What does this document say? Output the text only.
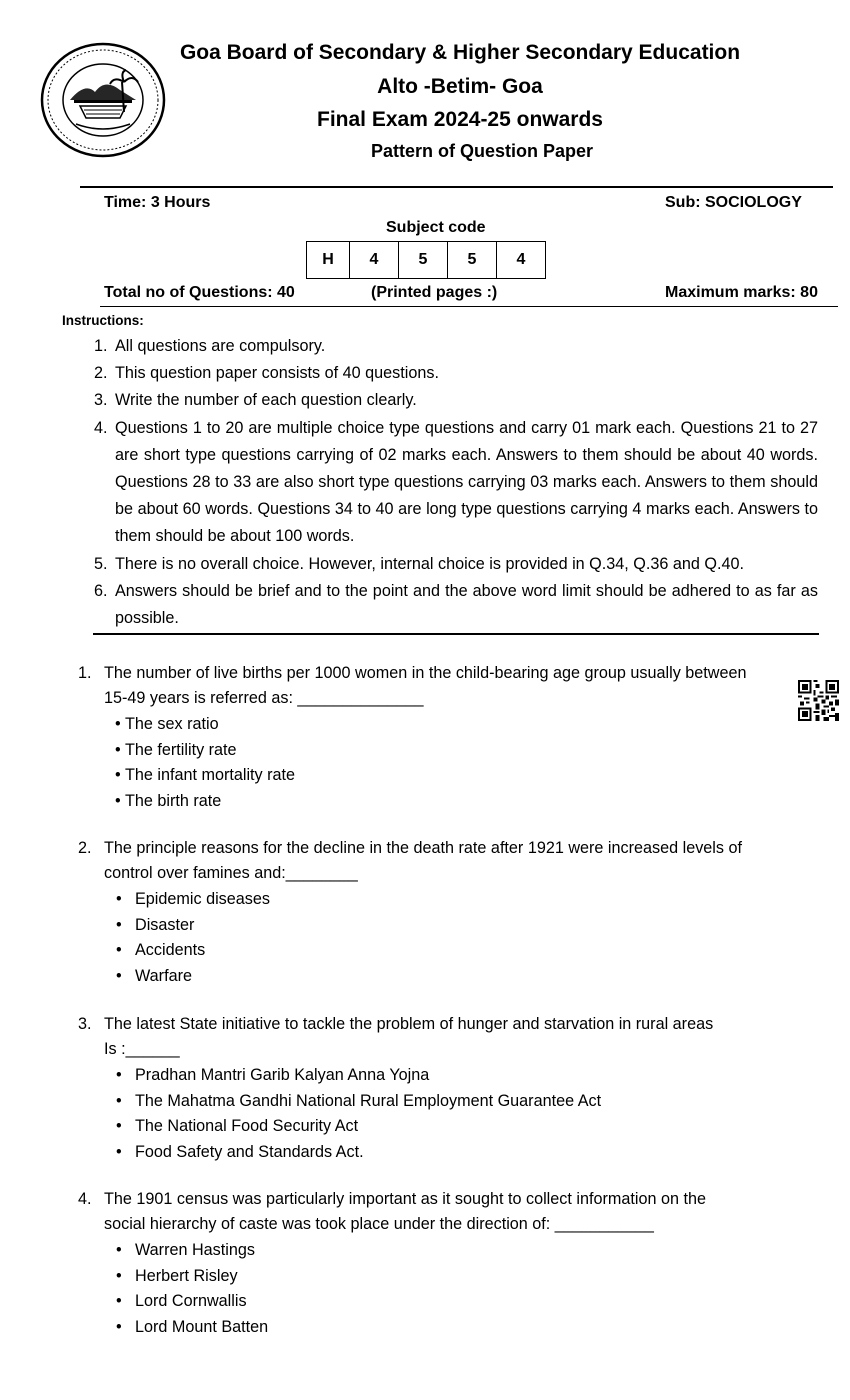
Goa Board of Secondary & Higher Secondary Education
Alto -Betim- Goa
Final Exam 2024-25 onwards
Pattern of Question Paper
Time: 3 Hours	Sub: SOCIOLOGY
Subject code
H	4	5	5	4
Total no of Questions: 40	(Printed pages :)	Maximum marks: 80
Instructions:
1. All questions are compulsory.
2. This question paper consists of 40 questions.
3. Write the number of each question clearly.
4. Questions 1 to 20 are multiple choice type questions and carry 01 mark each. Questions 21 to 27 are short type questions carrying of 02 marks each. Answers to them should be about 40 words. Questions 28 to 33 are also short type questions carrying 03 marks each. Answers to them should be about 60 words. Questions 34 to 40 are long type questions carrying 4 marks each. Answers to them should be about 100 words.
5. There is no overall choice. However, internal choice is provided in Q.34, Q.36 and Q.40.
6. Answers should be brief and to the point and the above word limit should be adhered to as far as possible.
1. The number of live births per 1000 women in the child-bearing age group usually between
15-49 years is referred as: ______________
• The sex ratio
• The fertility rate
• The infant mortality rate
• The birth rate
2. The principle reasons for the decline in the death rate after 1921 were increased levels of
control over famines and:________
• Epidemic diseases
• Disaster
• Accidents
• Warfare
3. The latest State initiative to tackle the problem of hunger and starvation in rural areas
Is :______
• Pradhan Mantri Garib Kalyan Anna Yojna
• The Mahatma Gandhi National Rural Employment Guarantee Act
• The National Food Security Act
• Food Safety and Standards Act.
4. The 1901 census was particularly important as it sought to collect information on the
social hierarchy of caste was took place under the direction of: ___________
• Warren Hastings
• Herbert Risley
• Lord Cornwallis
• Lord Mount Batten
